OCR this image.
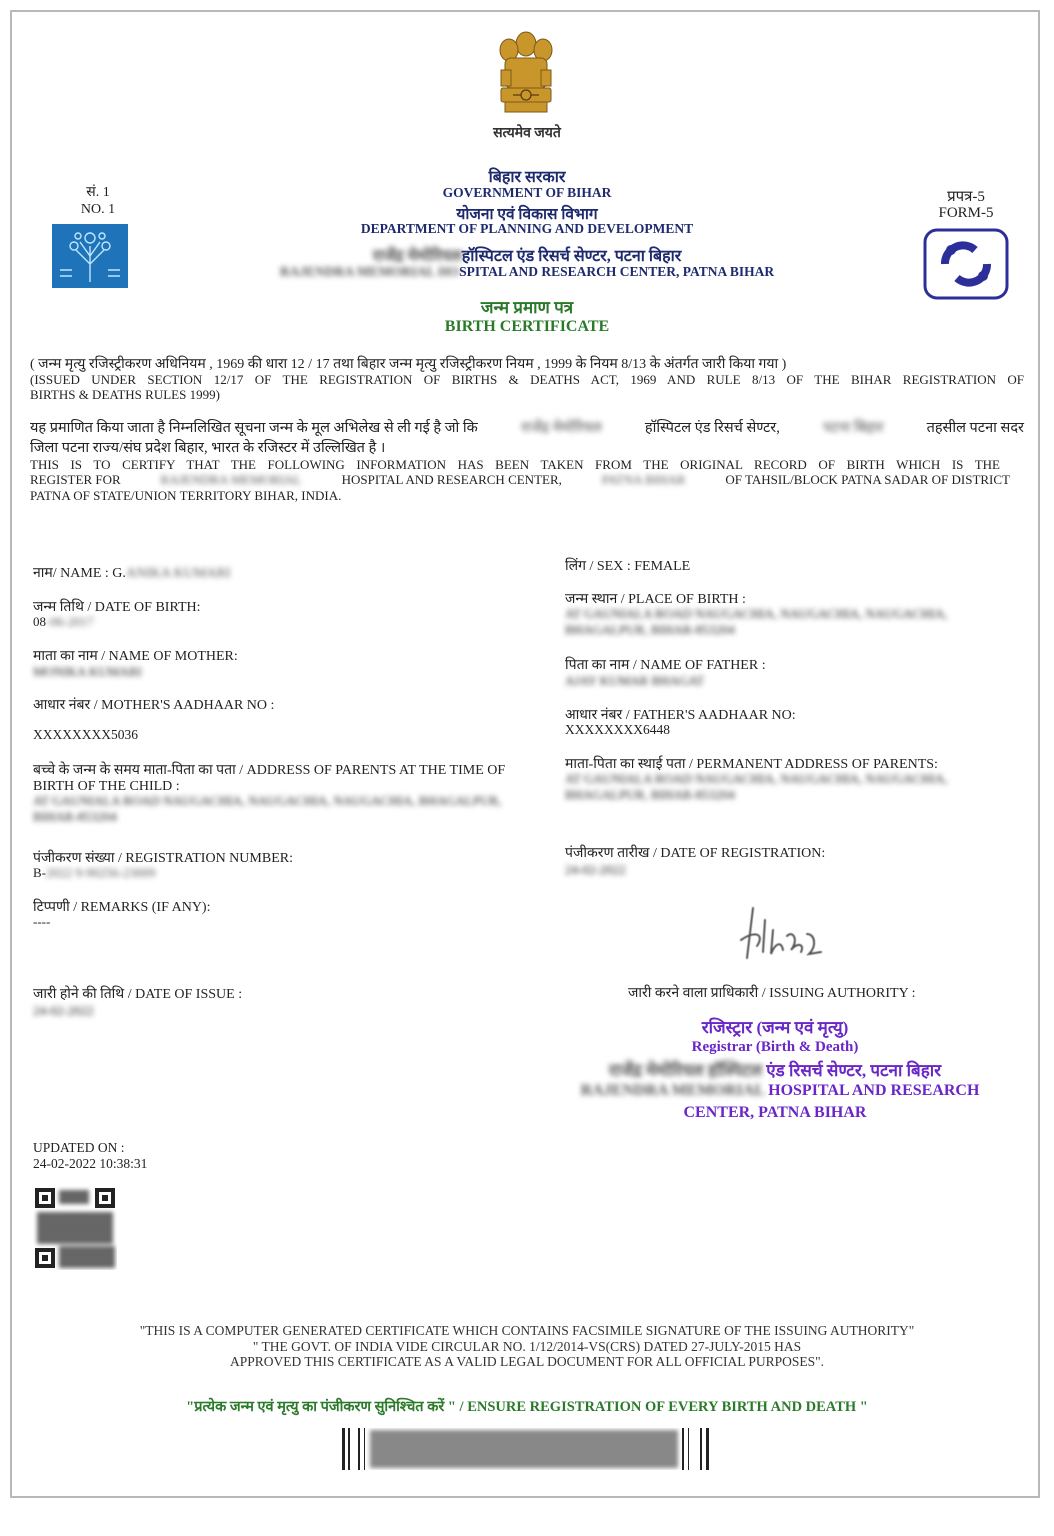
सत्यमेव जयते
सं. 1
NO. 1
प्रपत्र-5
FORM-5
बिहार सरकार
GOVERNMENT OF BIHAR
योजना एवं विकास विभाग
DEPARTMENT OF PLANNING AND DEVELOPMENT
राजेंद्र मेमोरियलहॉस्पिटल एंड रिसर्च सेण्टर, पटना बिहार
RAJENDRA MEMORIAL HOSPITAL AND RESEARCH CENTER, PATNA BIHAR
जन्म प्रमाण पत्र
BIRTH CERTIFICATE
( जन्म मृत्यु रजिस्ट्रीकरण अधिनियम , 1969 की धारा 12 / 17 तथा बिहार जन्म मृत्यु रजिस्ट्रीकरण नियम , 1999 के नियम 8/13 के अंतर्गत जारी किया गया )
(ISSUED UNDER SECTION 12/17 OF THE REGISTRATION OF BIRTHS & DEATHS ACT, 1969 AND RULE 8/13 OF THE BIHAR REGISTRATION OF
BIRTHS & DEATHS RULES 1999)
यह प्रमाणित किया जाता है निम्नलिखित सूचना जन्म के मूल अभिलेख से ली गई है जो कि	राजेंद्र मेमोरियल	हॉस्पिटल एंड रिसर्च सेण्टर,	पटना बिहार	तहसील पटना सदर
जिला पटना राज्य/संघ प्रदेश बिहार, भारत के रजिस्टर में उल्लिखित है ।
THIS IS TO CERTIFY THAT THE FOLLOWING INFORMATION HAS BEEN TAKEN FROM THE ORIGINAL RECORD OF BIRTH WHICH IS THE
REGISTER FOR	RAJENDRA MEMORIAL	HOSPITAL AND RESEARCH CENTER,	PATNA BIHAR	OF TAHSIL/BLOCK PATNA SADAR OF DISTRICT
PATNA OF STATE/UNION TERRITORY BIHAR, INDIA.
नाम/ NAME : G.ANIKA KUMARI
जन्म तिथि / DATE OF BIRTH:
08-06-2017
माता का नाम / NAME OF MOTHER:
MONIKA KUMARI
आधार नंबर / MOTHER'S AADHAAR NO :
XXXXXXXX5036
बच्चे के जन्म के समय माता-पिता का पता / ADDRESS OF PARENTS AT THE TIME OF
BIRTH OF THE CHILD :
AT GAUNIALA ROAD NAUGACHIA, NAUGACHIA, NAUGACHIA, BHAGALPUR,
BIHAR-853204
पंजीकरण संख्या / REGISTRATION NUMBER:
B-2022 9-90256-23009
टिप्पणी / REMARKS (IF ANY):
----
जारी होने की तिथि / DATE OF ISSUE :
24-02-2022
लिंग / SEX : FEMALE
जन्म स्थान / PLACE OF BIRTH :
AT GAUNIALA ROAD NAUGACHIA, NAUGACHIA, NAUGACHIA,
BHAGALPUR, BIHAR-853204
पिता का नाम / NAME OF FATHER :
AJAY KUMAR BHAGAT
आधार नंबर / FATHER'S AADHAAR NO:
XXXXXXXX6448
माता-पिता का स्थाई पता / PERMANENT ADDRESS OF PARENTS:
AT GAUNIALA ROAD NAUGACHIA, NAUGACHIA, NAUGACHIA,
BHAGALPUR, BIHAR-853204
पंजीकरण तारीख / DATE OF REGISTRATION:
24-02-2022
जारी करने वाला प्राधिकारी / ISSUING AUTHORITY :
रजिस्ट्रार (जन्म एवं मृत्यु)
Registrar (Birth & Death)
राजेंद्र मेमोरियल हॉस्पिटल एंड रिसर्च सेण्टर, पटना बिहार
RAJENDRA MEMORIAL HOSPITAL AND RESEARCH
CENTER, PATNA BIHAR
UPDATED ON :
24-02-2022 10:38:31
"THIS IS A COMPUTER GENERATED CERTIFICATE WHICH CONTAINS FACSIMILE SIGNATURE OF THE ISSUING AUTHORITY"
" THE GOVT. OF INDIA VIDE CIRCULAR NO. 1/12/2014-VS(CRS) DATED 27-JULY-2015 HAS
APPROVED THIS CERTIFICATE AS A VALID LEGAL DOCUMENT FOR ALL OFFICIAL PURPOSES".
"प्रत्येक जन्म एवं मृत्यु का पंजीकरण सुनिश्चित करें " / ENSURE REGISTRATION OF EVERY BIRTH AND DEATH "
